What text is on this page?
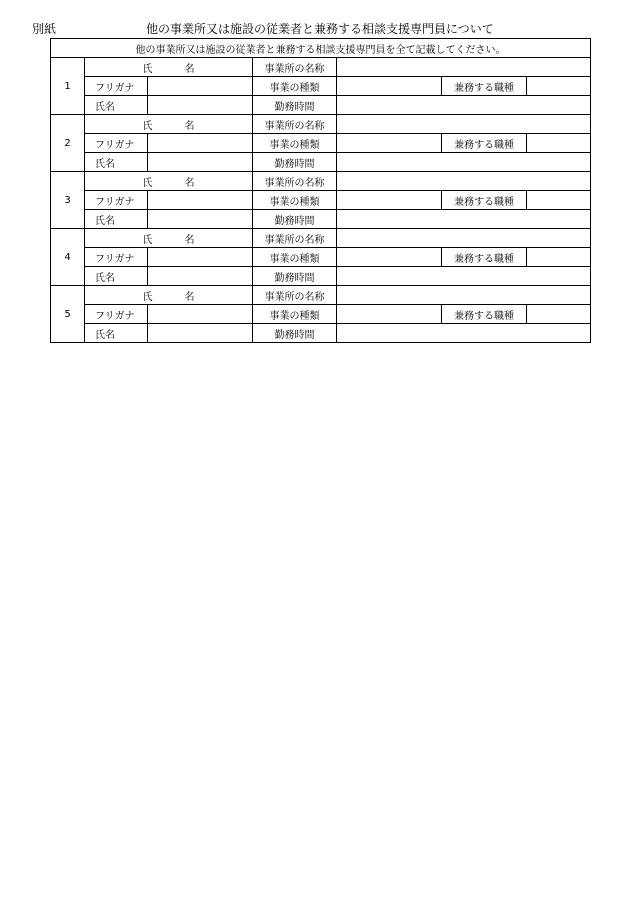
別紙	他の事業所又は施設の従業者と兼務する相談支援専門員について
他の事業所又は施設の従業者と兼務する相談支援専門員を全て記載してください。						
1	氏 名		事業所の名称			
	フリガナ		事業の種類		兼務する職種	
	氏名		勤務時間			
2	氏 名		事業所の名称			
	フリガナ		事業の種類		兼務する職種	
	氏名		勤務時間			
3	氏 名		事業所の名称			
	フリガナ		事業の種類		兼務する職種	
	氏名		勤務時間			
4	氏 名		事業所の名称			
	フリガナ		事業の種類		兼務する職種	
	氏名		勤務時間			
5	氏 名		事業所の名称			
	フリガナ		事業の種類		兼務する職種	
	氏名		勤務時間			
